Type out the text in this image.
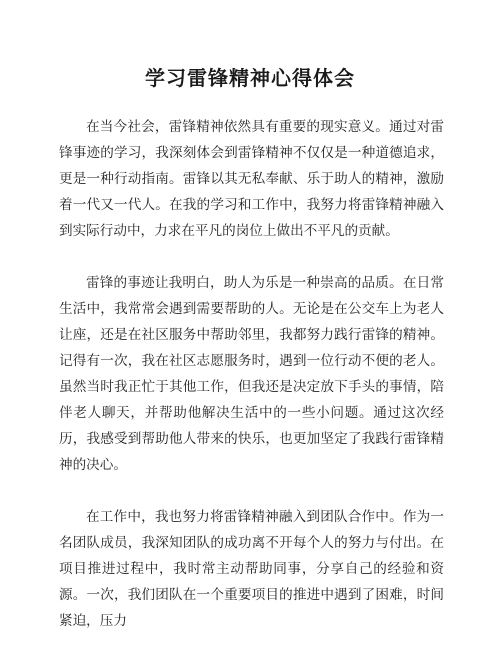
学习雷锋精神心得体会

在当今社会，雷锋精神依然具有重要的现实意义。通过对雷锋事迹的学习，我深刻体会到雷锋精神不仅仅是一种道德追求，更是一种行动指南。雷锋以其无私奉献、乐于助人的精神，激励着一代又一代人。在我的学习和工作中，我努力将雷锋精神融入到实际行动中，力求在平凡的岗位上做出不平凡的贡献。

雷锋的事迹让我明白，助人为乐是一种崇高的品质。在日常生活中，我常常会遇到需要帮助的人。无论是在公交车上为老人让座，还是在社区服务中帮助邻里，我都努力践行雷锋的精神。记得有一次，我在社区志愿服务时，遇到一位行动不便的老人。虽然当时我正忙于其他工作，但我还是决定放下手头的事情，陪伴老人聊天，并帮助他解决生活中的一些小问题。通过这次经历，我感受到帮助他人带来的快乐，也更加坚定了我践行雷锋精神的决心。

在工作中，我也努力将雷锋精神融入到团队合作中。作为一名团队成员，我深知团队的成功离不开每个人的努力与付出。在项目推进过程中，我时常主动帮助同事，分享自己的经验和资源。一次，我们团队在一个重要项目的推进中遇到了困难，时间紧迫，压力
